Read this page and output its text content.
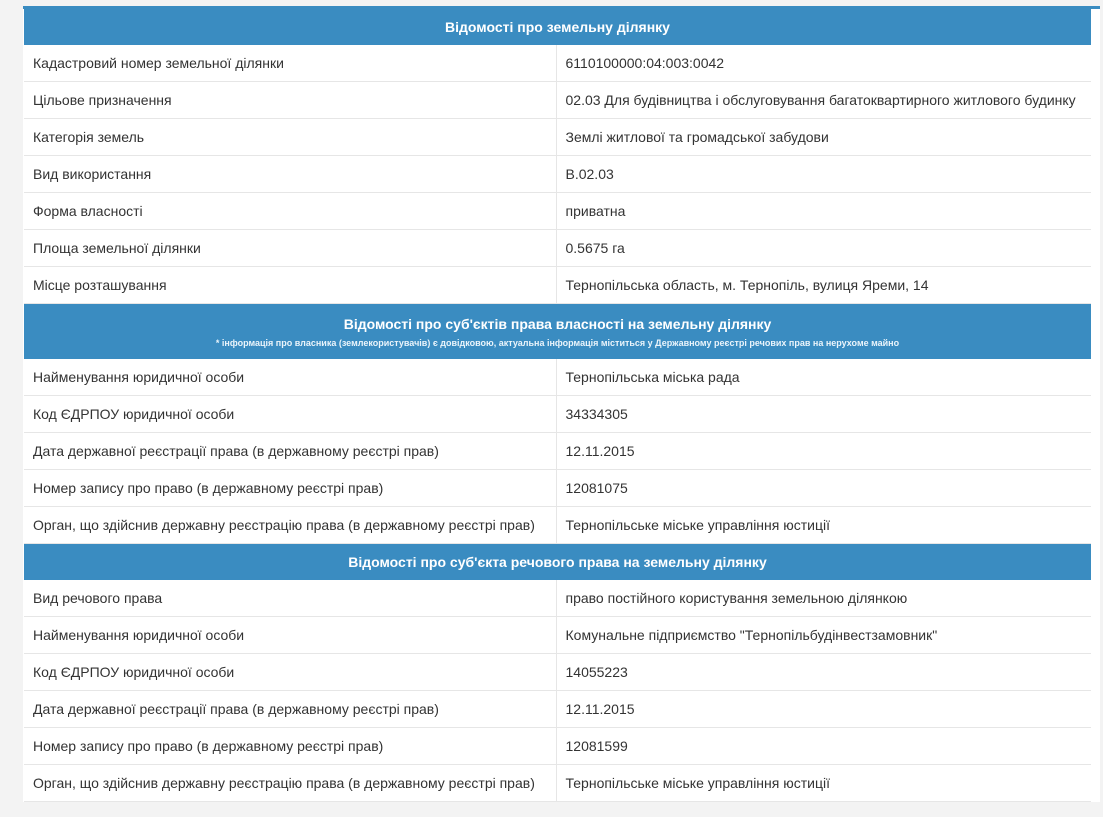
Відомості про земельну ділянку	
Кадастровий номер земельної ділянки	6110100000:04:003:0042
Цільове призначення	02.03 Для будівництва і обслуговування багатоквартирного житлового будинку
Категорія земель	Землі житлової та громадської забудови
Вид використання	В.02.03
Форма власності	приватна
Площа земельної ділянки	0.5675 га
Місце розташування	Тернопільська область, м. Тернопіль, вулиця Яреми, 14

Відомості про суб'єктів права власності на земельну ділянку
* інформація про власника (землекористувачів) є довідковою, актуальна інформація міститься у Державному реєстрі речових прав на нерухоме майно	

Найменування юридичної особи	Тернопільська міська рада
Код ЄДРПОУ юридичної особи	34334305
Дата державної реєстрації права (в державному реєстрі прав)	12.11.2015
Номер запису про право (в державному реєстрі прав)	12081075
Орган, що здійснив державну реєстрацію права (в державному реєстрі прав)	Тернопільське міське управління юстиції
Відомості про суб'єкта речового права на земельну ділянку	
Вид речового права	право постійного користування земельною ділянкою
Найменування юридичної особи	Комунальне підприємство "Тернопільбудінвестзамовник"
Код ЄДРПОУ юридичної особи	14055223
Дата державної реєстрації права (в державному реєстрі прав)	12.11.2015
Номер запису про право (в державному реєстрі прав)	12081599
Орган, що здійснив державну реєстрацію права (в державному реєстрі прав)	Тернопільське міське управління юстиції
